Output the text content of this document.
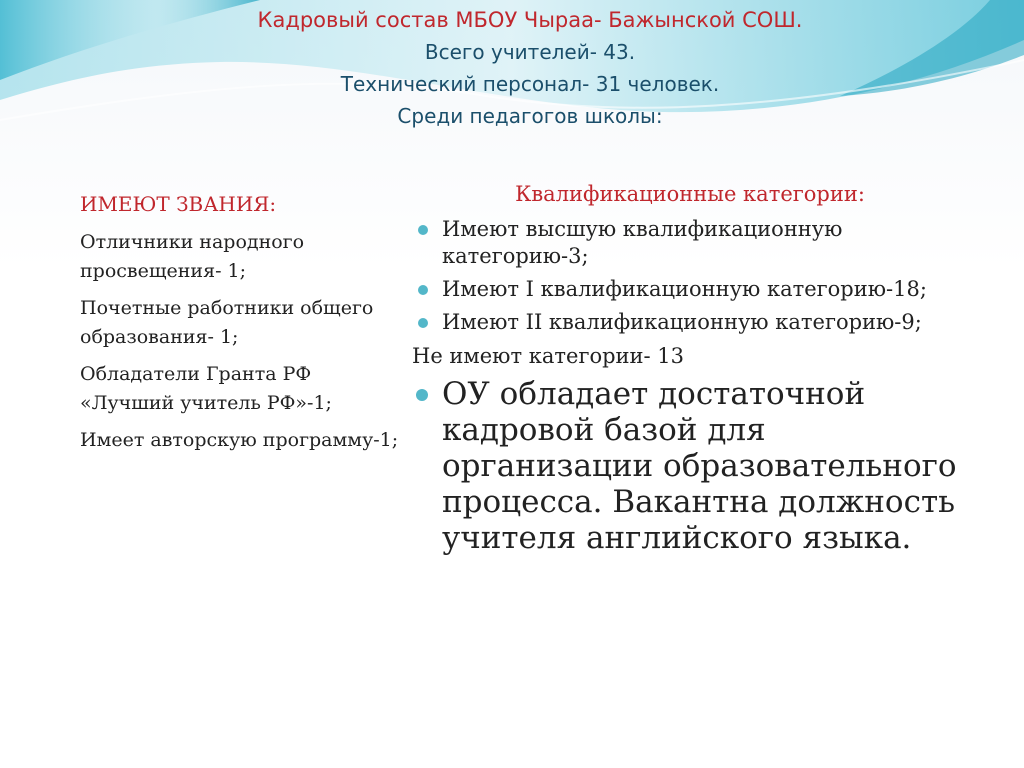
Кадровый состав МБОУ Чыраа- Бажынской СОШ.
Всего учителей- 43.
Технический персонал- 31 человек.
Среди педагогов школы:
ИМЕЮТ ЗВАНИЯ:
Отличники народного просвещения- 1;
Почетные работники общего образования- 1;
Обладатели Гранта РФ «Лучший учитель РФ»-1;
Имеет авторскую программу-1;
Квалификационные категории:
Имеют высшую квалификационную категорию-3;
Имеют I квалификационную категорию-18;
Имеют II квалификационную категорию-9;
Не имеют категории- 13
ОУ обладает достаточной кадровой базой для организации образовательного процесса. Вакантна должность учителя английского языка.
